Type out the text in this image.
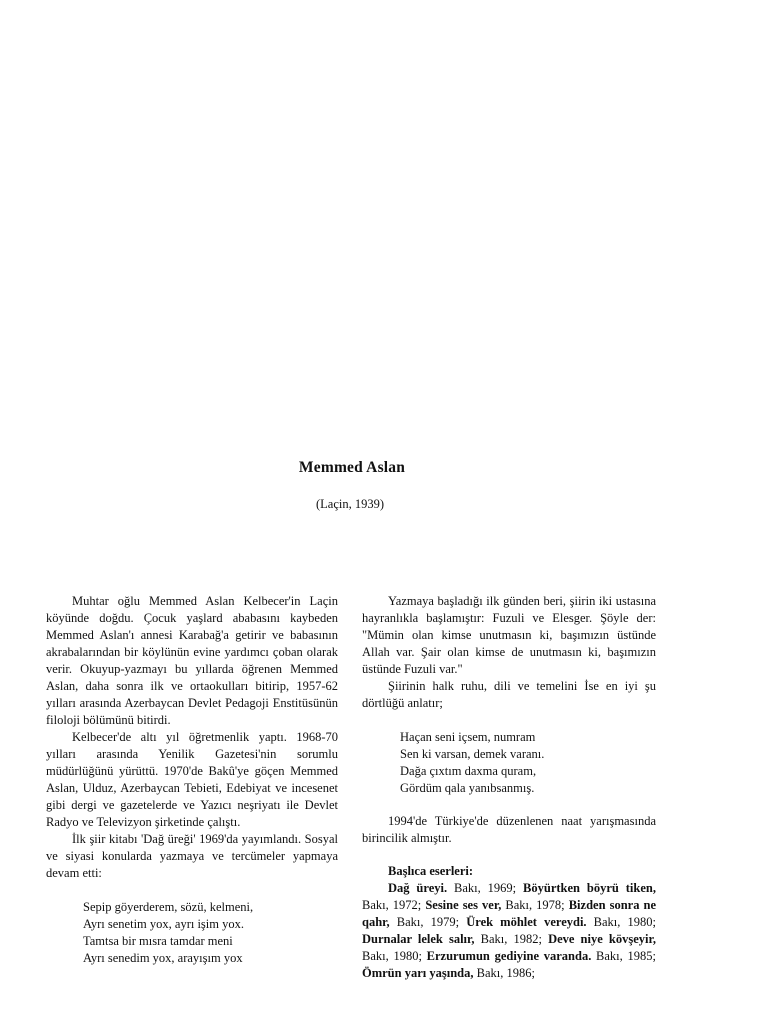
Memmed Aslan
(Laçin, 1939)

Muhtar oğlu Memmed Aslan Kelbecer'in Laçin köyünde doğdu. Çocuk yaşlard ababasını kaybeden Memmed Aslan'ı annesi Karabağ'a getirir ve babasının akrabalarından bir köylünün evine yardımcı çoban olarak verir. Okuyup-yazmayı bu yıllarda öğrenen Memmed Aslan, daha sonra ilk ve ortaokulları bitirip, 1957-62 yılları arasında Azerbaycan Devlet Pedagoji Enstitüsünün filoloji bölümünü bitirdi.

Kelbecer'de altı yıl öğretmenlik yaptı. 1968-70 yılları arasında Yenilik Gazetesi'nin sorumlu müdürlüğünü yürüttü. 1970'de Bakû'ye göçen Memmed Aslan, Ulduz, Azerbaycan Tebieti, Edebiyat ve incesenet gibi dergi ve gazetelerde ve Yazıcı neşriyatı ile Devlet Radyo ve Televizyon şirketinde çalıştı.

İlk şiir kitabı 'Dağ üreği' 1969'da yayımlandı. Sosyal ve siyasi konularda yazmaya ve tercümeler yapmaya devam etti:

Sepip göyerderem, sözü, kelmeni,
Ayrı senetim yox, ayrı işim yox.
Tamtsa bir mısra tamdar meni
Ayrı senedim yox, arayışım yox

Yazmaya başladığı ilk günden beri, şiirin iki ustasına hayranlıkla başlamıştır: Fuzuli ve Elesger. Şöyle der: "Mümin olan kimse unutmasın ki, başımızın üstünde Allah var. Şair olan kimse de unutmasın ki, başımızın üstünde Fuzuli var."

Şiirinin halk ruhu, dili ve temelini İse en iyi şu dörtlüğü anlatır;

Haçan seni içsem, numram
Sen ki varsan, demek varanı.
Dağa çıxtım daxma quram,
Gördüm qala yanıbsanmış.

1994'de Türkiye'de düzenlenen naat yarışmasında birincilik almıştır.

Başlıca eserleri:

Dağ üreyi. Bakı, 1969; Böyürtken böyrü tiken, Bakı, 1972; Sesine ses ver, Bakı, 1978; Bizden sonra ne qahr, Bakı, 1979; Ürek möhlet vereydi. Bakı, 1980; Durnalar lelek salır, Bakı, 1982; Deve niye kövşeyir, Bakı, 1980; Erzurumun gediyine varanda. Bakı, 1985; Ömrün yarı yaşında, Bakı, 1986;
